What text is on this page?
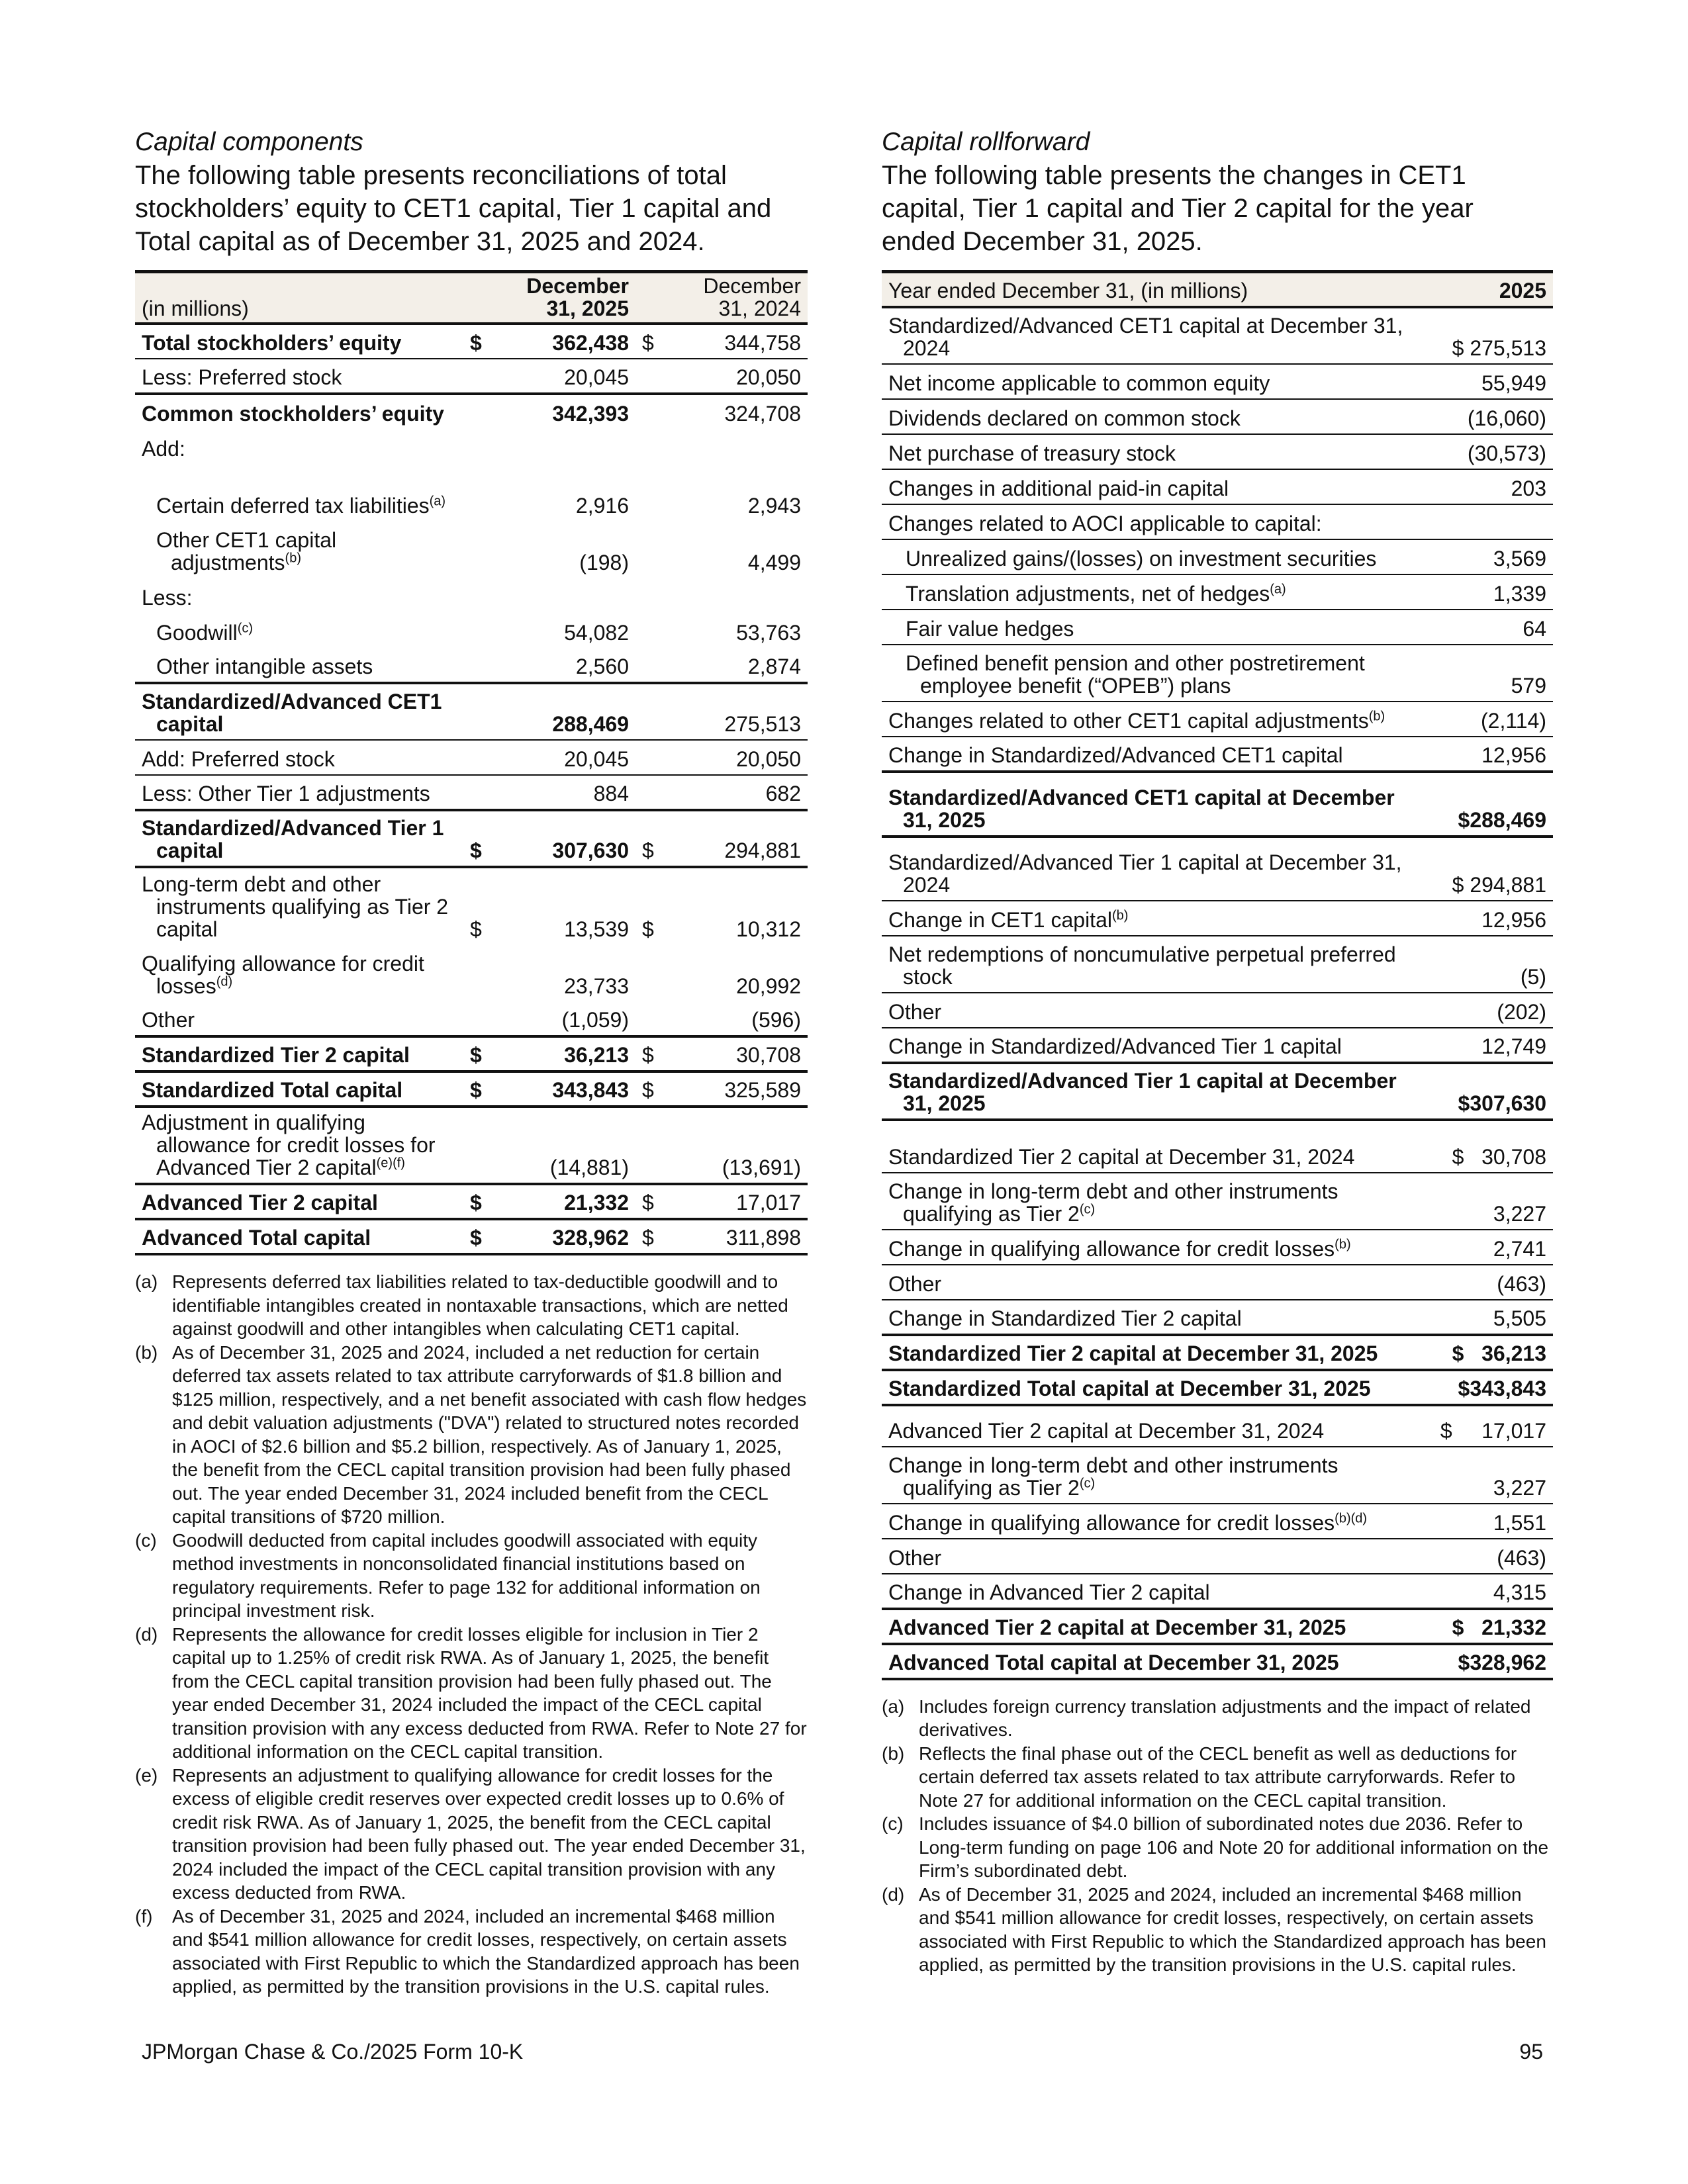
Capital components

The following table presents reconciliations of total stockholders’ equity to CET1 capital, Tier 1 capital and Total capital as of December 31, 2025 and 2024.

(in millions)		December 31, 2025		December 31, 2024
Total stockholders’ equity	$	362,438	$	344,758
Less: Preferred stock		20,045		20,050
Common stockholders’ equity		342,393		324,708
Add:				

Certain deferred tax liabilities$^{(a)}$		2,916		2,943

Other CET1 capital adjustments$^{(b)}$		(198)		4,499
Less:				
Goodwill$^{(c)}$		54,082		53,763
Other intangible assets		2,560		2,874

Standardized/Advanced CET1 capital		288,469		275,513
Add: Preferred stock		20,045		20,050
Less: Other Tier 1 adjustments		884		682

Standardized/Advanced Tier 1 capital	$	307,630	$	294,881

Long-term debt and other instruments qualifying as Tier 2 capital	$	13,539	$	10,312

Qualifying allowance for credit losses$^{(d)}$		23,733		20,992
Other		(1,059)		(596)
Standardized Tier 2 capital	$	36,213	$	30,708
Standardized Total capital	$	343,843	$	325,589

Adjustment in qualifying allowance for credit losses for Advanced Tier 2 capital$^{(e)(f)}$		(14,881)		(13,691)
Advanced Tier 2 capital	$	21,332	$	17,017
Advanced Total capital	$	328,962	$	311,898
(a) Represents deferred tax liabilities related to tax-deductible goodwill and to identifiable intangibles created in nontaxable transactions, which are netted against goodwill and other intangibles when calculating CET1 capital.
(b) As of December 31, 2025 and 2024, included a net reduction for certain deferred tax assets related to tax attribute carryforwards of $1.8 billion and $125 million, respectively, and a net benefit associated with cash flow hedges and debit valuation adjustments ("DVA") related to structured notes recorded in AOCI of $2.6 billion and $5.2 billion, respectively. As of January 1, 2025, the benefit from the CECL capital transition provision had been fully phased out. The year ended December 31, 2024 included benefit from the CECL capital transitions of $720 million.
(c) Goodwill deducted from capital includes goodwill associated with equity method investments in nonconsolidated financial institutions based on regulatory requirements. Refer to page 132 for additional information on principal investment risk.
(d) Represents the allowance for credit losses eligible for inclusion in Tier 2 capital up to 1.25% of credit risk RWA. As of January 1, 2025, the benefit from the CECL capital transition provision had been fully phased out. The year ended December 31, 2024 included the impact of the CECL capital transition provision with any excess deducted from RWA. Refer to Note 27 for additional information on the CECL capital transition.
(e) Represents an adjustment to qualifying allowance for credit losses for the excess of eligible credit reserves over expected credit losses up to 0.6% of credit risk RWA. As of January 1, 2025, the benefit from the CECL capital transition provision had been fully phased out. The year ended December 31, 2024 included the impact of the CECL capital transition provision with any excess deducted from RWA.
(f)	As of December 31, 2025 and 2024, included an incremental $468 million and $541 million allowance for credit losses, respectively, on certain assets associated with First Republic to which the Standardized approach has been applied, as permitted by the transition provisions in the U.S. capital rules.
Capital rollforward

The following table presents the changes in CET1 capital, Tier 1 capital and Tier 2 capital for the year ended December 31, 2025.

Year ended December 31, (in millions)	2025

Standardized/Advanced CET1 capital at December 31, 2024	$ 275,513
Net income applicable to common equity	55,949
Dividends declared on common stock	(16,060)
Net purchase of treasury stock	(30,573)
Changes in additional paid-in capital	203
Changes related to AOCI applicable to capital:	
Unrealized gains/(losses) on investment securities	3,569
Translation adjustments, net of hedges$^{(a)}$	1,339
Fair value hedges	64

Defined benefit pension and other postretirement employee benefit (“OPEB”) plans	579
Changes related to other CET1 capital adjustments$^{(b)}$	(2,114)
Change in Standardized/Advanced CET1 capital	12,956

Standardized/Advanced CET1 capital at December 31, 2025	$288,469

Standardized/Advanced Tier 1 capital at December 31, 2024	$ 294,881
Change in CET1 capital$^{(b)}$	12,956

Net redemptions of noncumulative perpetual preferred stock	(5)
Other	(202)
Change in Standardized/Advanced Tier 1 capital	12,749

Standardized/Advanced Tier 1 capital at December 31, 2025	$307,630
Standardized Tier 2 capital at December 31, 2024	$   30,708

Change in long-term debt and other instruments qualifying as Tier 2$^{(c)}$	3,227
Change in qualifying allowance for credit losses$^{(b)}$	2,741
Other	(463)
Change in Standardized Tier 2 capital	5,505
Standardized Tier 2 capital at December 31, 2025	$   36,213
Standardized Total capital at December 31, 2025	$343,843
Advanced Tier 2 capital at December 31, 2024	$     17,017

Change in long-term debt and other instruments qualifying as Tier 2$^{(c)}$	3,227
Change in qualifying allowance for credit losses$^{(b)(d)}$	1,551
Other	(463)
Change in Advanced Tier 2 capital	4,315
Advanced Tier 2 capital at December 31, 2025	$   21,332
Advanced Total capital at December 31, 2025	$328,962
(a) Includes foreign currency translation adjustments and the impact of related derivatives.
(b) Reflects the final phase out of the CECL benefit as well as deductions for certain deferred tax assets related to tax attribute carryforwards. Refer to Note 27 for additional information on the CECL capital transition.
(c) Includes issuance of $4.0 billion of subordinated notes due 2036. Refer to Long-term funding on page 106 and Note 20 for additional information on the Firm’s subordinated debt.
(d) As of December 31, 2025 and 2024, included an incremental $468 million and $541 million allowance for credit losses, respectively, on certain assets associated with First Republic to which the Standardized approach has been applied, as permitted by the transition provisions in the U.S. capital rules.
JPMorgan Chase & Co./2025 Form 10-K	95
